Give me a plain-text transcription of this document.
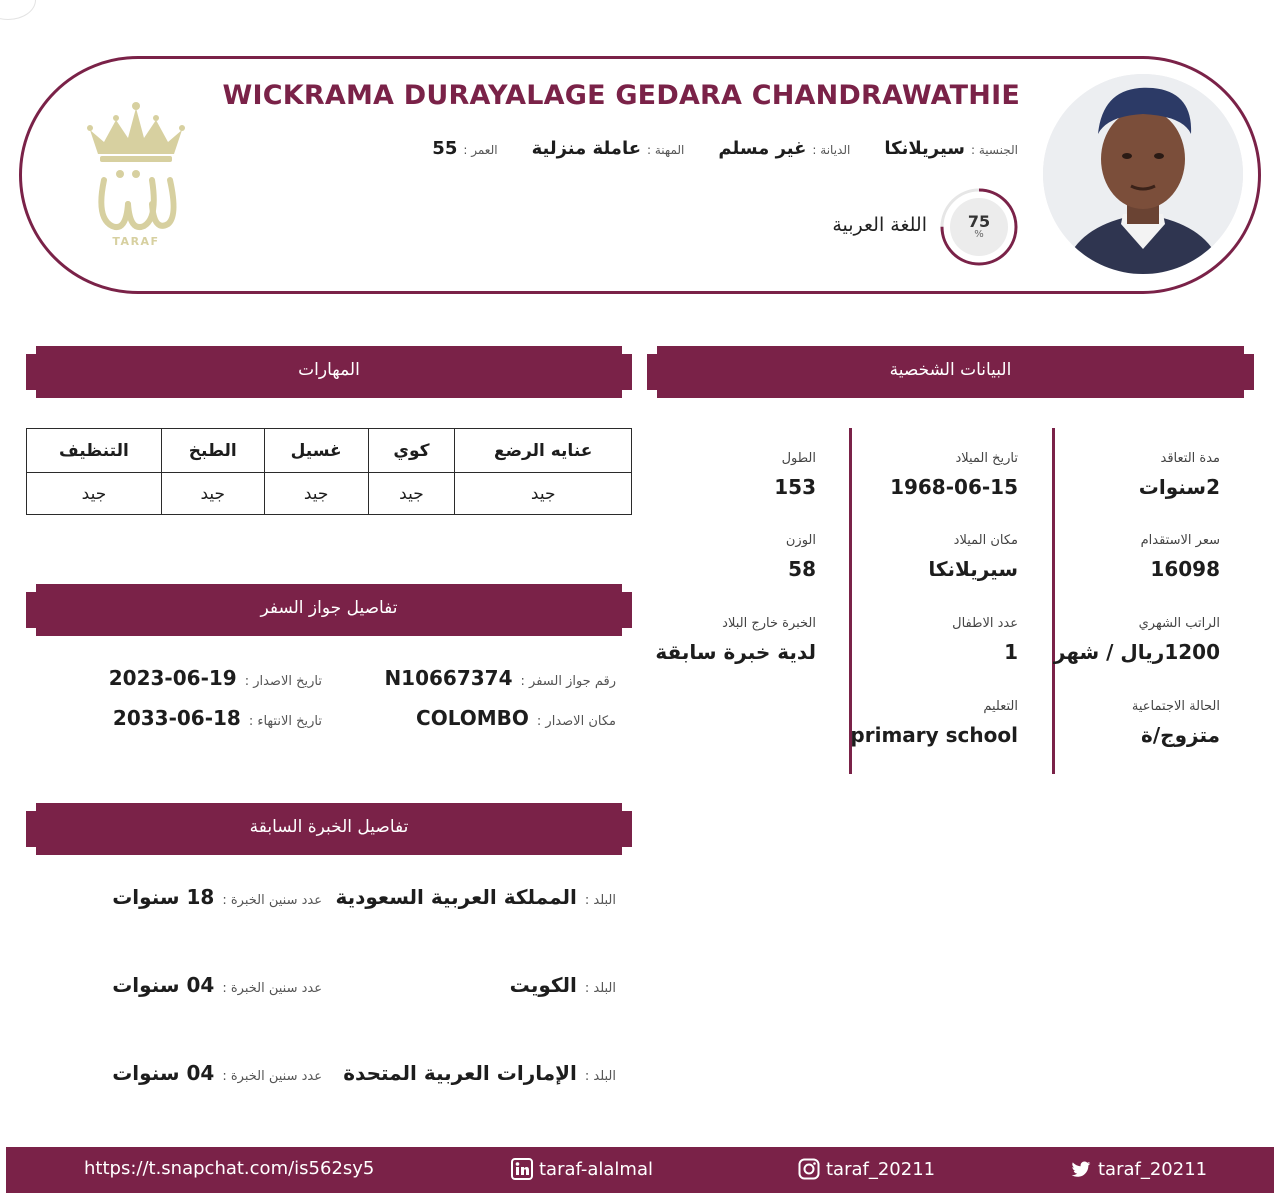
TARAF
WICKRAMA DURAYALAGE GEDARA CHANDRAWATHIE
الجنسية :
سيريلانكا
الديانة :
غير مسلم
المهنة :
عاملة منزلية
العمر :
55
75
%
اللغة العربية
البيانات الشخصية
مدة التعاقد
2سنوات
سعر الاستقدام
16098
الراتب الشهري
1200ريال / شهر
الحالة الاجتماعية
متزوج/ة
تاريخ الميلاد
1968-06-15
مكان الميلاد
سيريلانكا
عدد الاطفال
1
التعليم
primary school
الطول
153
الوزن
58
الخبرة خارج البلاد
لدية خبرة سابقة
المهارات
عنايه الرضع	كوي	غسيل	الطبخ	التنظيف
جيد	جيد	جيد	جيد	جيد
تفاصيل جواز السفر
رقم جواز السفر :
N10667374
تاريخ الاصدار :
2023-06-19
مكان الاصدار :
COLOMBO
تاريخ الانتهاء :
2033-06-18
تفاصيل الخبرة السابقة
البلد :
المملكة العربية السعودية
عدد سنين الخبرة :
18 سنوات
البلد :
الكويت
عدد سنين الخبرة :
04 سنوات
البلد :
الإمارات العربية المتحدة
عدد سنين الخبرة :
04 سنوات
https://t.snapchat.com/is562sy5	taraf-alalmal	taraf_20211	taraf_20211
